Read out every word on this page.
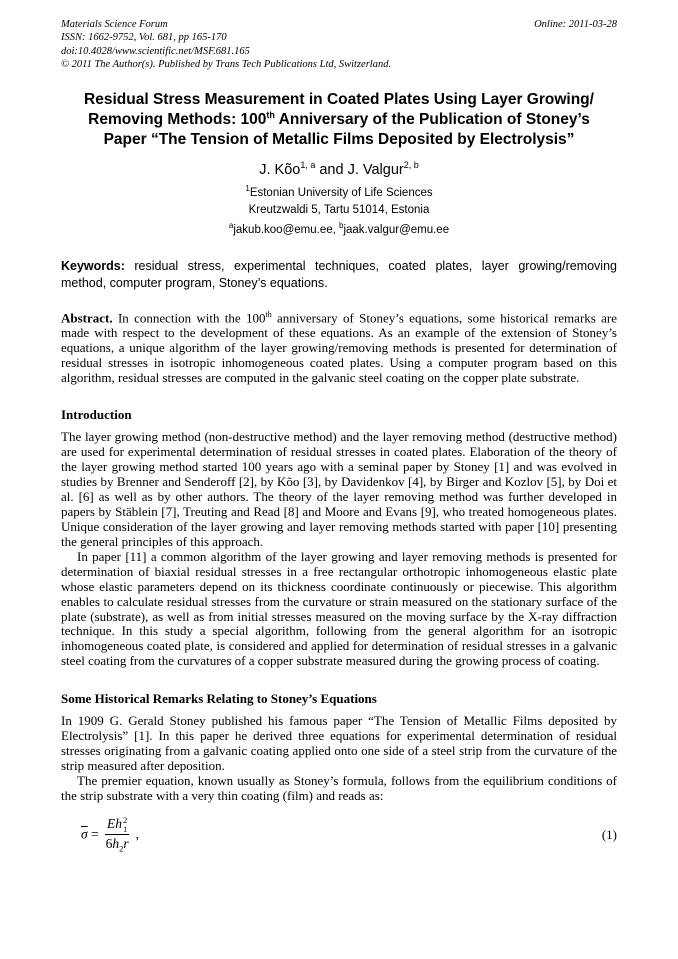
Materials Science Forum
ISSN: 1662-9752, Vol. 681, pp 165-170
doi:10.4028/www.scientific.net/MSF.681.165
© 2011 The Author(s). Published by Trans Tech Publications Ltd, Switzerland.
Online: 2011-03-28
Residual Stress Measurement in Coated Plates Using Layer Growing/
Removing Methods: 100th Anniversary of the Publication of Stoney’s
Paper “The Tension of Metallic Films Deposited by Electrolysis”
J. Kõo$^{1, a}$ and J. Valgur$^{2, b}$
$^1$Estonian University of Life Sciences
Kreutzwaldi 5, Tartu 51014, Estonia
$^a$jakub.koo@emu.ee, $^b$jaak.valgur@emu.ee
Keywords: residual stress, experimental techniques, coated plates, layer growing/removing method, computer program, Stoney’s equations.
Abstract. In connection with the 100th anniversary of Stoney’s equations, some historical remarks are made with respect to the development of these equations. As an example of the extension of Stoney’s equations, a unique algorithm of the layer growing/removing methods is presented for determination of residual stresses in isotropic inhomogeneous coated plates. Using a computer program based on this algorithm, residual stresses are computed in the galvanic steel coating on the copper plate substrate.
Introduction

The layer growing method (non-destructive method) and the layer removing method (destructive method) are used for experimental determination of residual stresses in coated plates. Elaboration of the theory of the layer growing method started 100 years ago with a seminal paper by Stoney [1] and was evolved in studies by Brenner and Senderoff [2], by Kõo [3], by Davidenkov [4], by Birger and Kozlov [5], by Doi et al. [6] as well as by other authors. The theory of the layer removing method was further developed in papers by Stäblein [7], Treuting and Read [8] and Moore and Evans [9], who treated homogeneous plates. Unique consideration of the layer growing and layer removing methods started with paper [10] presenting the general principles of this approach.

In paper [11] a common algorithm of the layer growing and layer removing methods is presented for determination of biaxial residual stresses in a free rectangular orthotropic inhomogeneous elastic plate whose elastic parameters depend on its thickness coordinate continuously or piecewise. This algorithm enables to calculate residual stresses from the curvature or strain measured on the stationary surface of the plate (substrate), as well as from initial stresses measured on the moving surface by the X-ray diffraction technique. In this study a special algorithm, following from the general algorithm for an isotropic inhomogeneous coated plate, is considered and applied for determination of residual stresses in a galvanic steel coating from the curvatures of a copper substrate measured during the growing process of coating.

Some Historical Remarks Relating to Stoney’s Equations

In 1909 G. Gerald Stoney published his famous paper “The Tension of Metallic Films deposited by Electrolysis” [1]. In this paper he derived three equations for experimental determination of residual stresses originating from a galvanic coating applied onto one side of a steel strip from the curvature of the strip measured after deposition.

The premier equation, known usually as Stoney’s formula, follows from the equilibrium conditions of the strip substrate with a very thin coating (film) and reads as:

$\overline{\sigma} = Eh$ 2
1
$6h_2r$ ,	(1)
